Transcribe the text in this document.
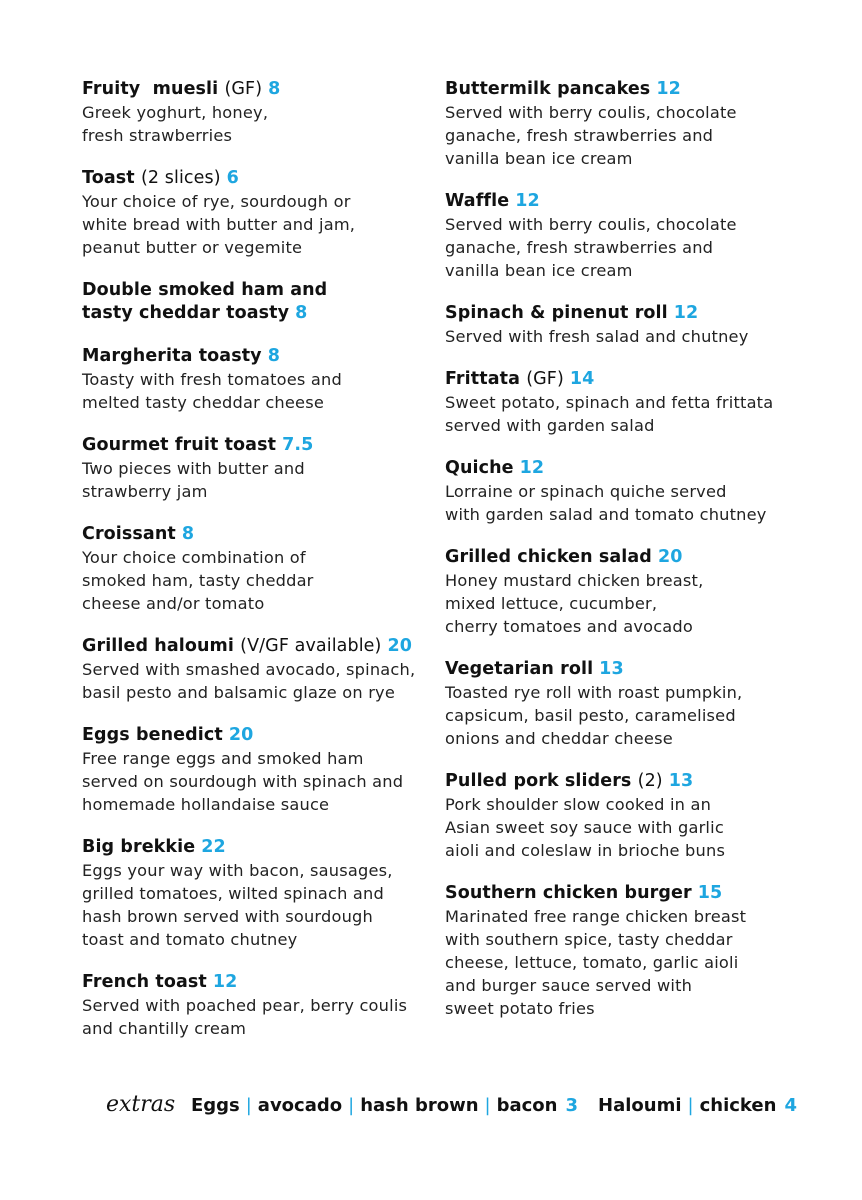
Fruity  muesli (GF) 8
Greek yoghurt, honey,
fresh strawberries
Toast (2 slices) 6
Your choice of rye, sourdough or
white bread with butter and jam,
peanut butter or vegemite
Double smoked ham and
tasty cheddar toasty 8
Margherita toasty 8
Toasty with fresh tomatoes and
melted tasty cheddar cheese
Gourmet fruit toast 7.5
Two pieces with butter and
strawberry jam
Croissant 8
Your choice combination of
smoked ham, tasty cheddar
cheese and/or tomato
Grilled haloumi (V/GF available) 20
Served with smashed avocado, spinach,
basil pesto and balsamic glaze on rye
Eggs benedict 20
Free range eggs and smoked ham
served on sourdough with spinach and
homemade hollandaise sauce
Big brekkie 22
Eggs your way with bacon, sausages,
grilled tomatoes, wilted spinach and
hash brown served with sourdough
toast and tomato chutney
French toast 12
Served with poached pear, berry coulis
and chantilly cream
Buttermilk pancakes 12
Served with berry coulis, chocolate
ganache, fresh strawberries and
vanilla bean ice cream
Waffle 12
Served with berry coulis, chocolate
ganache, fresh strawberries and
vanilla bean ice cream
Spinach & pinenut roll 12
Served with fresh salad and chutney
Frittata (GF) 14
Sweet potato, spinach and fetta frittata
served with garden salad
Quiche 12
Lorraine or spinach quiche served
with garden salad and tomato chutney
Grilled chicken salad 20
Honey mustard chicken breast,
mixed lettuce, cucumber,
cherry tomatoes and avocado
Vegetarian roll 13
Toasted rye roll with roast pumpkin,
capsicum, basil pesto, caramelised
onions and cheddar cheese
Pulled pork sliders (2) 13
Pork shoulder slow cooked in an
Asian sweet soy sauce with garlic
aioli and coleslaw in brioche buns
Southern chicken burger 15
Marinated free range chicken breast
with southern spice, tasty cheddar
cheese, lettuce, tomato, garlic aioli
and burger sauce served with
sweet potato fries
extras Eggs | avocado | hash brown | bacon 3 Haloumi | chicken 4
